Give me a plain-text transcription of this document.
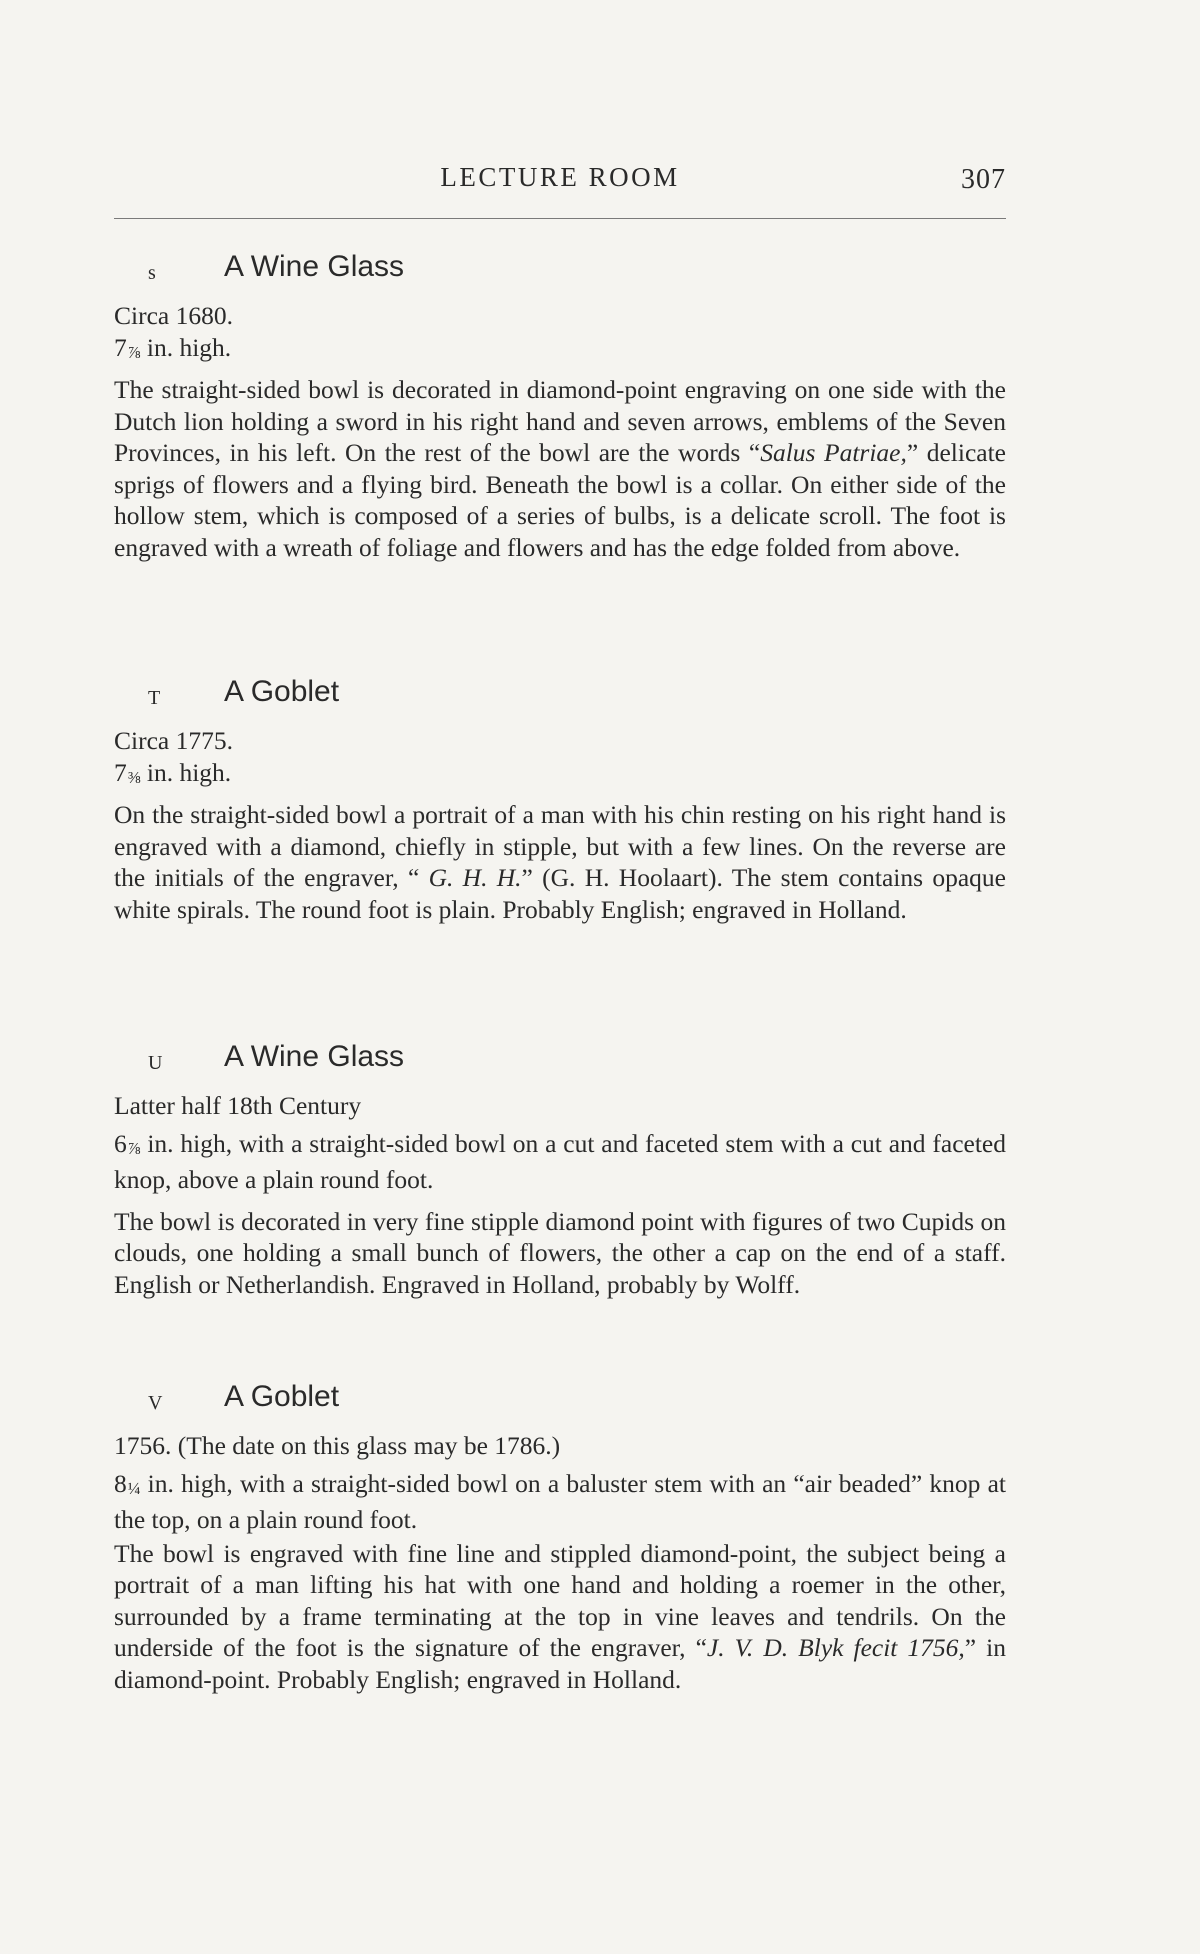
LECTURE ROOM	307
s A Wine Glass

Circa 1680.

7⅞ in. high.

The straight-sided bowl is decorated in diamond-point engraving on one side with the Dutch lion holding a sword in his right hand and seven arrows, emblems of the Seven Provinces, in his left. On the rest of the bowl are the words “Salus Patriae,” delicate sprigs of flowers and a flying bird. Beneath the bowl is a collar. On either side of the hollow stem, which is composed of a series of bulbs, is a delicate scroll. The foot is engraved with a wreath of foliage and flowers and has the edge folded from above.

T A Goblet

Circa 1775.

7⅜ in. high.

On the straight-sided bowl a portrait of a man with his chin resting on his right hand is engraved with a diamond, chiefly in stipple, but with a few lines. On the reverse are the initials of the engraver, “ G. H. H.” (G. H. Hoolaart). The stem contains opaque white spirals. The round foot is plain. Probably English; engraved in Holland.

U A Wine Glass

Latter half 18th Century

6⅞ in. high, with a straight-sided bowl on a cut and faceted stem with a cut and faceted knop, above a plain round foot.

The bowl is decorated in very fine stipple diamond point with figures of two Cupids on clouds, one holding a small bunch of flowers, the other a cap on the end of a staff. English or Netherlandish. Engraved in Holland, probably by Wolff.

V A Goblet

1756. (The date on this glass may be 1786.)

8¼ in. high, with a straight-sided bowl on a baluster stem with an “air beaded” knop at the top, on a plain round foot.

The bowl is engraved with fine line and stippled diamond-point, the subject being a portrait of a man lifting his hat with one hand and holding a roemer in the other, surrounded by a frame terminating at the top in vine leaves and tendrils. On the underside of the foot is the signature of the engraver, “J. V. D. Blyk fecit 1756,” in diamond-point. Probably English; engraved in Holland.
